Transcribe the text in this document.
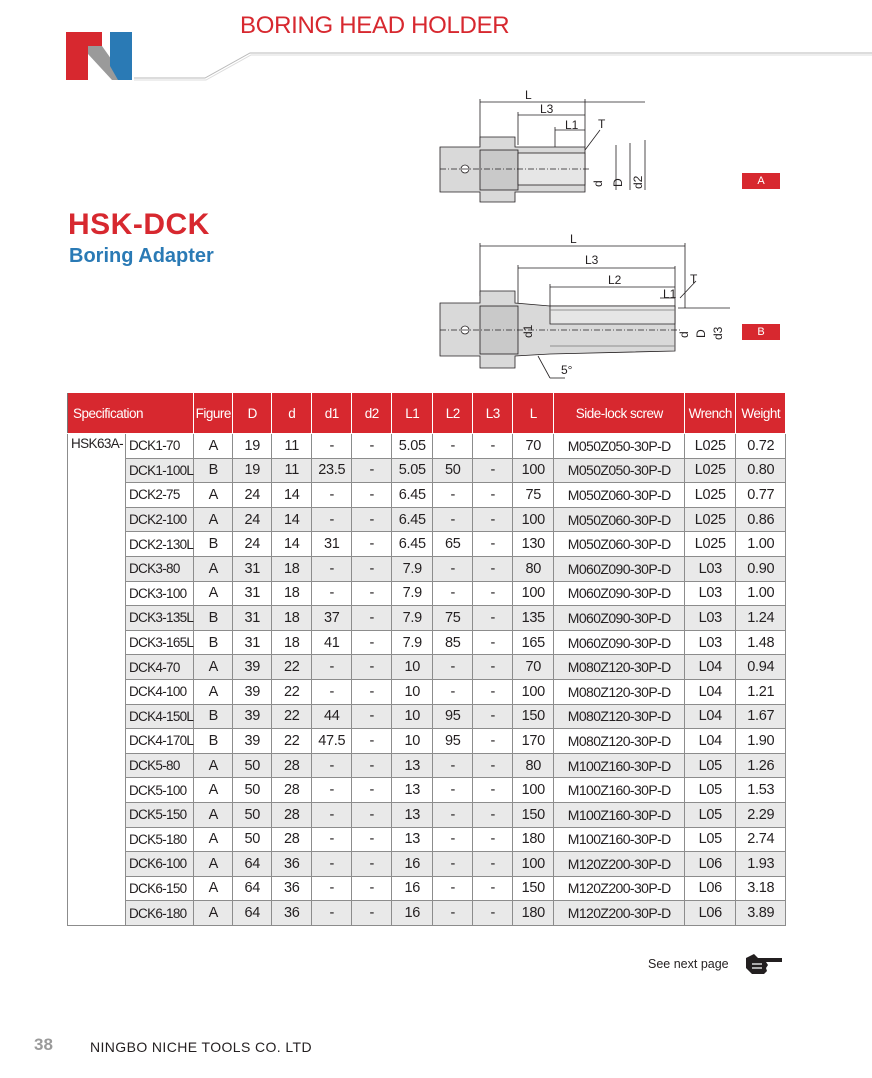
BORING HEAD HOLDER
HSK-DCK
Boring Adapter
L
L3
L1 T
d D d2	A
L
L3
L2
L1
T
d1	d D d3
5°
B
Specification		Figure	D	d	d1	d2	L1	L2	L3	L	Side-lock screw	Wrench	Weight
HSK63A-	DCK1-70	A	19	11	-	-	5.05	-	-	70	M050Z050-30P-D	L025	0.72
	DCK1-100L	B	19	11	23.5	-	5.05	50	-	100	M050Z050-30P-D	L025	0.80
	DCK2-75	A	24	14	-	-	6.45	-	-	75	M050Z060-30P-D	L025	0.77
	DCK2-100	A	24	14	-	-	6.45	-	-	100	M050Z060-30P-D	L025	0.86
	DCK2-130L	B	24	14	31	-	6.45	65	-	130	M050Z060-30P-D	L025	1.00
	DCK3-80	A	31	18	-	-	7.9	-	-	80	M060Z090-30P-D	L03	0.90
	DCK3-100	A	31	18	-	-	7.9	-	-	100	M060Z090-30P-D	L03	1.00
	DCK3-135L	B	31	18	37	-	7.9	75	-	135	M060Z090-30P-D	L03	1.24
	DCK3-165L	B	31	18	41	-	7.9	85	-	165	M060Z090-30P-D	L03	1.48
	DCK4-70	A	39	22	-	-	10	-	-	70	M080Z120-30P-D	L04	0.94
	DCK4-100	A	39	22	-	-	10	-	-	100	M080Z120-30P-D	L04	1.21
	DCK4-150L	B	39	22	44	-	10	95	-	150	M080Z120-30P-D	L04	1.67
	DCK4-170L	B	39	22	47.5	-	10	95	-	170	M080Z120-30P-D	L04	1.90
	DCK5-80	A	50	28	-	-	13	-	-	80	M100Z160-30P-D	L05	1.26
	DCK5-100	A	50	28	-	-	13	-	-	100	M100Z160-30P-D	L05	1.53
	DCK5-150	A	50	28	-	-	13	-	-	150	M100Z160-30P-D	L05	2.29
	DCK5-180	A	50	28	-	-	13	-	-	180	M100Z160-30P-D	L05	2.74
	DCK6-100	A	64	36	-	-	16	-	-	100	M120Z200-30P-D	L06	1.93
	DCK6-150	A	64	36	-	-	16	-	-	150	M120Z200-30P-D	L06	3.18
	DCK6-180	A	64	36	-	-	16	-	-	180	M120Z200-30P-D	L06	3.89
See next page
38	NINGBO NICHE TOOLS CO. LTD
